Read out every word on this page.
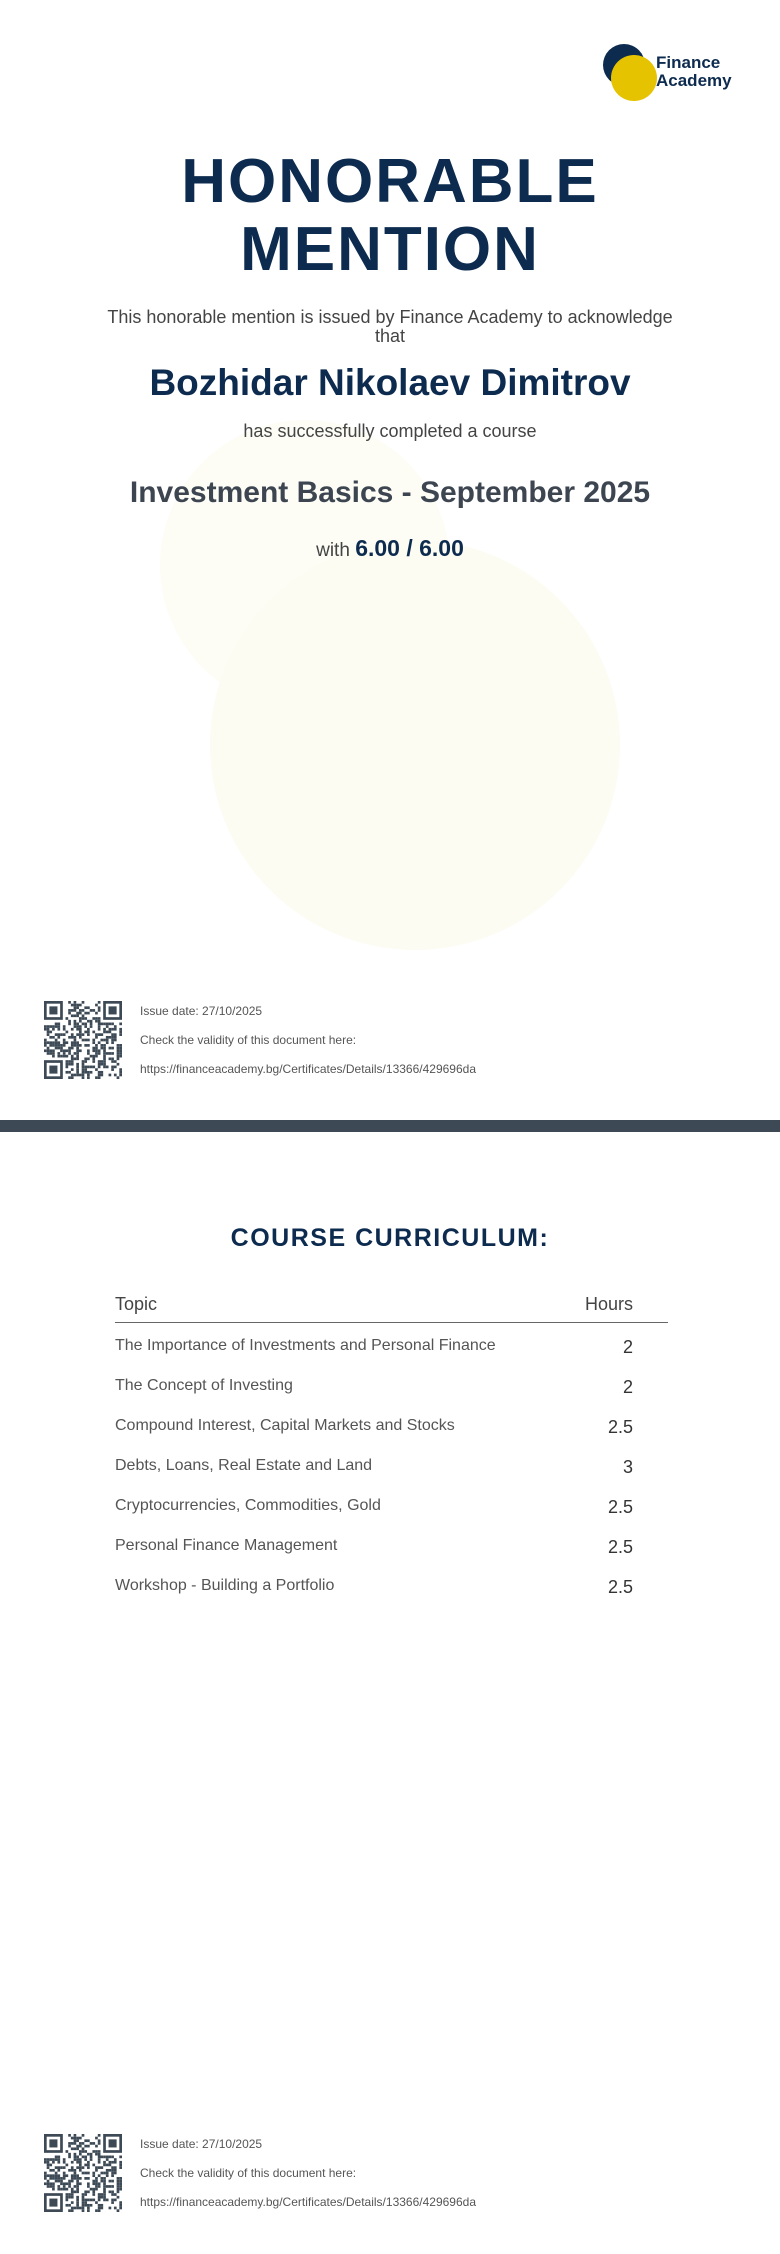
Finance
Academy
HONORABLE
MENTION
This honorable mention is issued by Finance Academy to acknowledge
that
Bozhidar Nikolaev Dimitrov
has successfully completed a course
Investment Basics - September 2025
with 6.00 / 6.00
Issue date: 27/10/2025
Check the validity of this document here:
https://financeacademy.bg/Certificates/Details/13366/429696da
COURSE CURRICULUM:
Topic	Hours
The Importance of Investments and Personal Finance	2
The Concept of Investing	2
Compound Interest, Capital Markets and Stocks	2.5
Debts, Loans, Real Estate and Land	3
Cryptocurrencies, Commodities, Gold	2.5
Personal Finance Management	2.5
Workshop - Building a Portfolio	2.5
Issue date: 27/10/2025
Check the validity of this document here:
https://financeacademy.bg/Certificates/Details/13366/429696da
